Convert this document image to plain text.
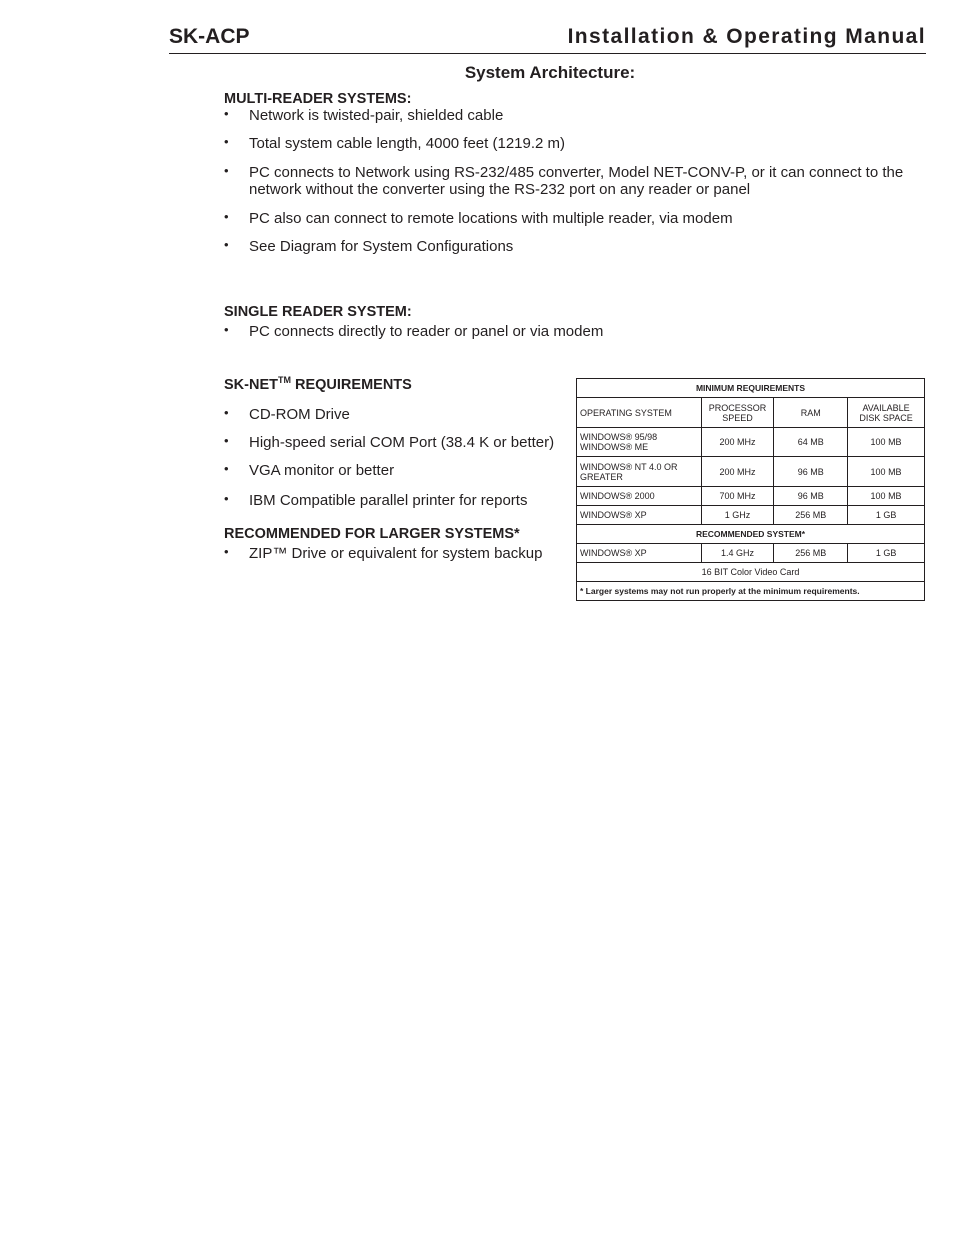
SK-ACP	Installation & Operating Manual
System Architecture:
MULTI-READER SYSTEMS:
• Network is twisted-pair, shielded cable
• Total system cable length, 4000 feet (1219.2 m)
• PC connects to Network using RS-232/485 converter, Model NET-CONV-P, or it can connect to the network without the converter using the RS-232 port on any reader or panel
• PC also can connect to remote locations with multiple reader, via modem
• See Diagram for System Configurations
SINGLE READER SYSTEM:
• PC connects directly to reader or panel or via modem
SK-NET™ REQUIREMENTS
• CD-ROM Drive
• High-speed serial COM Port (38.4 K or better)
• VGA monitor or better
• IBM Compatible parallel printer for reports
RECOMMENDED FOR LARGER SYSTEMS*
• ZIP™ Drive or equivalent for system backup
MINIMUM REQUIREMENTS			
OPERATING SYSTEM	PROCESSOR SPEED	RAM	AVAILABLE DISK SPACE
WINDOWS® 95/98
WINDOWS® ME	200 MHz	64 MB	100 MB
WINDOWS® NT 4.0 OR GREATER	200 MHz	96 MB	100 MB
WINDOWS® 2000	700 MHz	96 MB	100 MB
WINDOWS® XP	1 GHz	256 MB	1 GB
RECOMMENDED SYSTEM*			
WINDOWS® XP	1.4 GHz	256 MB	1 GB
16 BIT Color Video Card			
* Larger systems may not run properly at the minimum requirements.			
